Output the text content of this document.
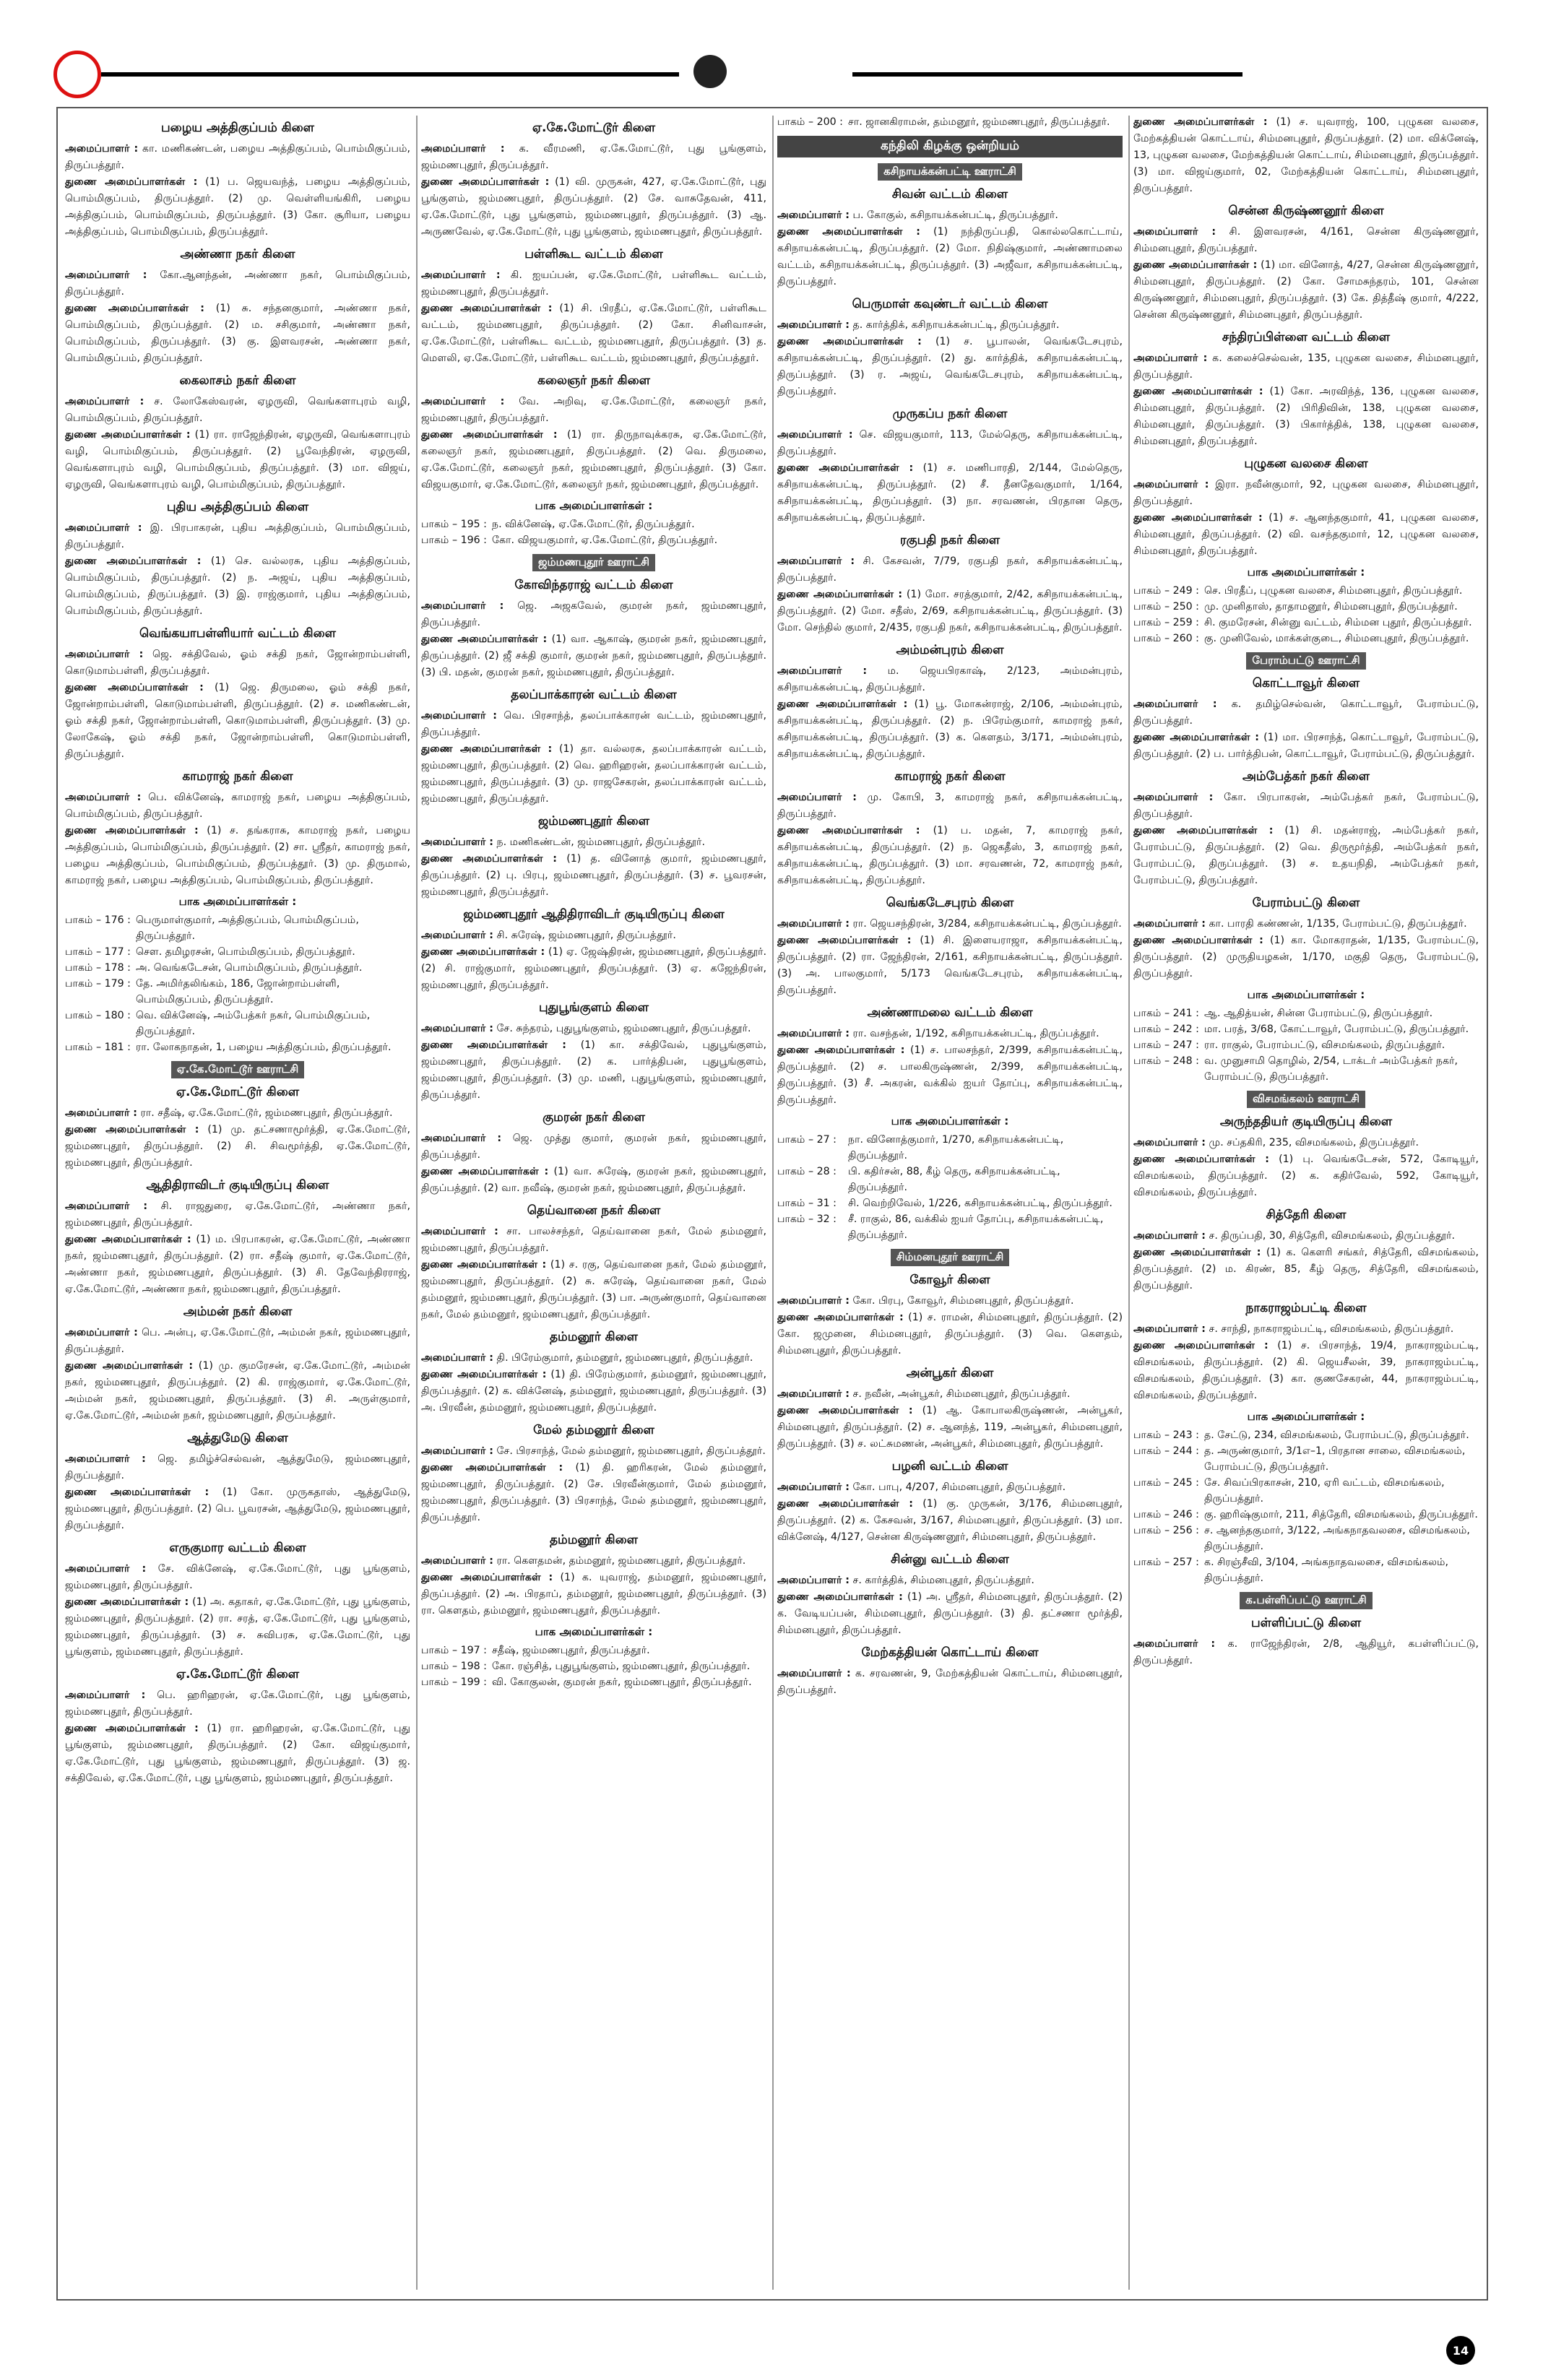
பழைய அத்திகுப்பம் கிளை

அமைப்பாளர் : கா. மணிகண்டன், பழைய அத்திகுப்பம், பொம்மிகுப்பம், திருப்பத்தூர்.

துணை அமைப்பாளர்கள் : (1) ப. ஜெயவந்த், பழைய அத்திகுப்பம், பொம்மிகுப்பம், திருப்பத்தூர். (2) மு. வெள்ளியங்கிரி, பழைய அத்திகுப்பம், பொம்மிகுப்பம், திருப்பத்தூர். (3) கோ. சூரியா, பழைய அத்திகுப்பம், பொம்மிகுப்பம், திருப்பத்தூர்.

அண்ணா நகர் கிளை

அமைப்பாளர் : கோ.ஆனந்தன், அண்ணா நகர், பொம்மிகுப்பம், திருப்பத்தூர்.

துணை அமைப்பாளர்கள் : (1) சு. சந்தனகுமார், அண்ணா நகர், பொம்மிகுப்பம், திருப்பத்தூர். (2) ம. சசிகுமார், அண்ணா நகர், பொம்மிகுப்பம், திருப்பத்தூர். (3) கு. இளவரசன், அண்ணா நகர், பொம்மிகுப்பம், திருப்பத்தூர்.

கைலாசம் நகர் கிளை

அமைப்பாளர் : ச. லோகேஸ்வரன், ஏழருவி, வெங்களாபுரம் வழி, பொம்மிகுப்பம், திருப்பத்தூர்.

துணை அமைப்பாளர்கள் : (1) ரா. ராஜேந்திரன், ஏழருவி, வெங்களாபுரம் வழி, பொம்மிகுப்பம், திருப்பத்தூர். (2) பூவேந்திரன், ஏழருவி, வெங்களாபுரம் வழி, பொம்மிகுப்பம், திருப்பத்தூர். (3) மா. விஜய், ஏழருவி, வெங்களாபுரம் வழி, பொம்மிகுப்பம், திருப்பத்தூர்.

புதிய அத்திகுப்பம் கிளை

அமைப்பாளர் : இ. பிரபாகரன், புதிய அத்திகுப்பம், பொம்மிகுப்பம், திருப்பத்தூர்.

துணை அமைப்பாளர்கள் : (1) செ. வல்லரசு, புதிய அத்திகுப்பம், பொம்மிகுப்பம், திருப்பத்தூர். (2) ந. அஜய், புதிய அத்திகுப்பம், பொம்மிகுப்பம், திருப்பத்தூர். (3) இ. ராஜ்குமார், புதிய அத்திகுப்பம், பொம்மிகுப்பம், திருப்பத்தூர்.

வெங்கயாபள்ளியார் வட்டம் கிளை

அமைப்பாளர் : ஜெ. சக்திவேல், ஓம் சக்தி நகர், ஜோன்றாம்பள்ளி, கொடுமாம்பள்ளி, திருப்பத்தூர்.

துணை அமைப்பாளர்கள் : (1) ஜெ. திருமலை, ஓம் சக்தி நகர், ஜோன்றாம்பள்ளி, கொடுமாம்பள்ளி, திருப்பத்தூர். (2) ச. மணிகண்டன், ஓம் சக்தி நகர், ஜோன்றாம்பள்ளி, கொடுமாம்பள்ளி, திருப்பத்தூர். (3) மு. லோகேஷ், ஓம் சக்தி நகர், ஜோன்றாம்பள்ளி, கொடுமாம்பள்ளி, திருப்பத்தூர்.

காமராஜ் நகர் கிளை

அமைப்பாளர் : பெ. விக்னேஷ், காமராஜ் நகர், பழைய அத்திகுப்பம், பொம்மிகுப்பம், திருப்பத்தூர்.

துணை அமைப்பாளர்கள் : (1) ச. தங்கராசு, காமராஜ் நகர், பழைய அத்திகுப்பம், பொம்மிகுப்பம், திருப்பத்தூர். (2) சா. ஸ்ரீதர், காமராஜ் நகர், பழைய அத்திகுப்பம், பொம்மிகுப்பம், திருப்பத்தூர். (3) மு. திருமால், காமராஜ் நகர், பழைய அத்திகுப்பம், பொம்மிகுப்பம், திருப்பத்தூர்.

பாக அமைப்பாளர்கள் :
பாகம் – 176 : பெருமாள்குமார், அத்திகுப்பம், பொம்மிகுப்பம், திருப்பத்தூர்.
பாகம் – 177 : செள. தமிழரசன், பொம்மிகுப்பம், திருப்பத்தூர்.
பாகம் – 178 : அ. வெங்கடேசன், பொம்மிகுப்பம், திருப்பத்தூர்.
பாகம் – 179 : தே. அமிர்தலிங்கம், 186, ஜோன்றாம்பள்ளி, பொம்மிகுப்பம், திருப்பத்தூர்.
பாகம் – 180 : வெ. விக்னேஷ், அம்பேத்கர் நகர், பொம்மிகுப்பம், திருப்பத்தூர்.
பாகம் – 181 : ரா. லோகநாதன், 1, பழைய அத்திகுப்பம், திருப்பத்தூர்.
ஏ.கே.மோட்டூர் ஊராட்சி
ஏ.கே.மோட்டூர் கிளை

அமைப்பாளர் : ரா. சதீஷ், ஏ.கே.மோட்டூர், ஜம்மணபுதூர், திருப்பத்தூர்.

துணை அமைப்பாளர்கள் : (1) மு. தட்சணாமூர்த்தி, ஏ.கே.மோட்டூர், ஜம்மணபுதூர், திருப்பத்தூர். (2) சி. சிவமூர்த்தி, ஏ.கே.மோட்டூர், ஜம்மணபுதூர், திருப்பத்தூர்.

ஆதிதிராவிடர் குடியிருப்பு கிளை

அமைப்பாளர் : சி. ராஜதுரை, ஏ.கே.மோட்டூர், அண்ணா நகர், ஜம்மணபுதூர், திருப்பத்தூர்.

துணை அமைப்பாளர்கள் : (1) ம. பிரபாகரன், ஏ.கே.மோட்டூர், அண்ணா நகர், ஜம்மணபுதூர், திருப்பத்தூர். (2) ரா. சதீஷ் குமார், ஏ.கே.மோட்டூர், அண்ணா நகர், ஜம்மணபுதூர், திருப்பத்தூர். (3) சி. தேவேந்திரராஜ், ஏ.கே.மோட்டூர், அண்ணா நகர், ஜம்மணபுதூர், திருப்பத்தூர்.

அம்மன் நகர் கிளை

அமைப்பாளர் : பெ. அன்பு, ஏ.கே.மோட்டூர், அம்மன் நகர், ஜம்மணபுதூர், திருப்பத்தூர்.

துணை அமைப்பாளர்கள் : (1) மு. குமரேசன், ஏ.கே.மோட்டூர், அம்மன் நகர், ஜம்மணபுதூர், திருப்பத்தூர். (2) கி. ராஜ்குமார், ஏ.கே.மோட்டூர், அம்மன் நகர், ஜம்மணபுதூர், திருப்பத்தூர். (3) சி. அருள்குமார், ஏ.கே.மோட்டூர், அம்மன் நகர், ஜம்மணபுதூர், திருப்பத்தூர்.

ஆத்துமேடு கிளை

அமைப்பாளர் : ஜெ. தமிழ்ச்செல்வன், ஆத்துமேடு, ஜம்மணபுதூர், திருப்பத்தூர்.

துணை அமைப்பாளர்கள் : (1) கோ. முருகதாஸ், ஆத்துமேடு, ஜம்மணபுதூர், திருப்பத்தூர். (2) பெ. பூவரசன், ஆத்துமேடு, ஜம்மணபுதூர், திருப்பத்தூர்.

எருகுமார வட்டம் கிளை

அமைப்பாளர் : சே. விக்னேஷ், ஏ.கே.மோட்டூர், புது பூங்குளம், ஜம்மணபுதூர், திருப்பத்தூர்.

துணை அமைப்பாளர்கள் : (1) அ. கதாகர், ஏ.கே.மோட்டூர், புது பூங்குளம், ஜம்மணபுதூர், திருப்பத்தூர். (2) ரா. சரத், ஏ.கே.மோட்டூர், புது பூங்குளம், ஜம்மணபுதூர், திருப்பத்தூர். (3) ச. சுவிபரசு, ஏ.கே.மோட்டூர், புது பூங்குளம், ஜம்மணபுதூர், திருப்பத்தூர்.

ஏ.கே.மோட்டூர் கிளை

அமைப்பாளர் : பெ. ஹரிஹரன், ஏ.கே.மோட்டூர், புது பூங்குளம், ஜம்மணபுதூர், திருப்பத்தூர்.

துணை அமைப்பாளர்கள் : (1) ரா. ஹரிஹரன், ஏ.கே.மோட்டூர், புது பூங்குளம், ஜம்மணபுதூர், திருப்பத்தூர். (2) கோ. விஜய்குமார், ஏ.கே.மோட்டூர், புது பூங்குளம், ஜம்மணபுதூர், திருப்பத்தூர். (3) ஜ. சக்திவேல், ஏ.கே.மோட்டூர், புது பூங்குளம், ஜம்மணபுதூர், திருப்பத்தூர்.

ஏ.கே.மோட்டூர் கிளை

அமைப்பாளர் : க. வீரமணி, ஏ.கே.மோட்டூர், புது பூங்குளம், ஜம்மணபுதூர், திருப்பத்தூர்.

துணை அமைப்பாளர்கள் : (1) வி. முருகன், 427, ஏ.கே.மோட்டூர், புது பூங்குளம், ஜம்மணபுதூர், திருப்பத்தூர். (2) சே. வாசுதேவன், 411, ஏ.கே.மோட்டூர், புது பூங்குளம், ஜம்மணபுதூர், திருப்பத்தூர். (3) ஆ. அருணவேல், ஏ.கே.மோட்டூர், புது பூங்குளம், ஜம்மணபுதூர், திருப்பத்தூர்.

பள்ளிகூட வட்டம் கிளை

அமைப்பாளர் : கி. ஐயப்பன், ஏ.கே.மோட்டூர், பள்ளிகூட வட்டம், ஜம்மணபுதூர், திருப்பத்தூர்.

துணை அமைப்பாளர்கள் : (1) சி. பிரதீப், ஏ.கே.மோட்டூர், பள்ளிகூட வட்டம், ஜம்மணபுதூர், திருப்பத்தூர். (2) கோ. சினிவாசன், ஏ.கே.மோட்டூர், பள்ளிகூட வட்டம், ஜம்மணபுதூர், திருப்பத்தூர். (3) த. மௌலி, ஏ.கே.மோட்டூர், பள்ளிகூட வட்டம், ஜம்மணபுதூர், திருப்பத்தூர்.

கலைஞர் நகர் கிளை

அமைப்பாளர் : வே. அறிவு, ஏ.கே.மோட்டூர், கலைஞர் நகர், ஜம்மணபுதூர், திருப்பத்தூர்.

துணை அமைப்பாளர்கள் : (1) ரா. திருநாவுக்கரசு, ஏ.கே.மோட்டூர், கலைஞர் நகர், ஜம்மணபுதூர், திருப்பத்தூர். (2) வெ. திருமலை, ஏ.கே.மோட்டூர், கலைஞர் நகர், ஜம்மணபுதூர், திருப்பத்தூர். (3) கோ. விஜயகுமார், ஏ.கே.மோட்டூர், கலைஞர் நகர், ஜம்மணபுதூர், திருப்பத்தூர்.

பாக அமைப்பாளர்கள் :
பாகம் – 195 : ந. விக்னேஷ், ஏ.கே.மோட்டூர், திருப்பத்தூர்.
பாகம் – 196 : கோ. விஜயகுமார், ஏ.கே.மோட்டூர், திருப்பத்தூர்.
ஜம்மணபுதூர் ஊராட்சி
கோவிந்தராஜ் வட்டம் கிளை

அமைப்பாளர் : ஜெ. அஜகவேல், குமரன் நகர், ஜம்மணபுதூர், திருப்பத்தூர்.

துணை அமைப்பாளர்கள் : (1) வா. ஆகாஷ், குமரன் நகர், ஜம்மணபுதூர், திருப்பத்தூர். (2) ஜீ சக்தி குமார், குமரன் நகர், ஜம்மணபுதூர், திருப்பத்தூர். (3) பி. மதன், குமரன் நகர், ஜம்மணபுதூர், திருப்பத்தூர்.

தலப்பாக்காரன் வட்டம் கிளை

அமைப்பாளர் : வெ. பிரசாந்த், தலப்பாக்காரன் வட்டம், ஜம்மணபுதூர், திருப்பத்தூர்.

துணை அமைப்பாளர்கள் : (1) தா. வல்லரசு, தலப்பாக்காரன் வட்டம், ஜம்மணபுதூர், திருப்பத்தூர். (2) வெ. ஹரிஹரன், தலப்பாக்காரன் வட்டம், ஜம்மணபுதூர், திருப்பத்தூர். (3) மு. ராஜசேகரன், தலப்பாக்காரன் வட்டம், ஜம்மணபுதூர், திருப்பத்தூர்.

ஜம்மணபுதூர் கிளை

அமைப்பாளர் : ந. மணிகண்டன், ஜம்மணபுதூர், திருப்பத்தூர்.

துணை அமைப்பாளர்கள் : (1) த. வினோத் குமார், ஜம்மணபுதூர், திருப்பத்தூர். (2) பு. பிரபு, ஜம்மணபுதூர், திருப்பத்தூர். (3) ச. பூவரசன், ஜம்மணபுதூர், திருப்பத்தூர்.

ஜம்மணபுதூர் ஆதிதிராவிடர் குடியிருப்பு கிளை

அமைப்பாளர் : சி. சுரேஷ், ஜம்மணபுதூர், திருப்பத்தூர்.

துணை அமைப்பாளர்கள் : (1) ஏ. ஜேஷ்திரன், ஜம்மணபுதூர், திருப்பத்தூர். (2) சி. ராஜ்குமார், ஜம்மணபுதூர், திருப்பத்தூர். (3) ஏ. கஜேந்திரன், ஜம்மணபுதூர், திருப்பத்தூர்.

புதுபூங்குளம் கிளை

அமைப்பாளர் : சே. சுந்தரம், புதுபூங்குளம், ஜம்மணபுதூர், திருப்பத்தூர்.

துணை அமைப்பாளர்கள் : (1) கா. சக்திவேல், புதுபூங்குளம், ஜம்மணபுதூர், திருப்பத்தூர். (2) க. பார்த்திபன், புதுபூங்குளம், ஜம்மணபுதூர், திருப்பத்தூர். (3) மு. மணி, புதுபூங்குளம், ஜம்மணபுதூர், திருப்பத்தூர்.

குமரன் நகர் கிளை

அமைப்பாளர் : ஜெ. முத்து குமார், குமரன் நகர், ஜம்மணபுதூர், திருப்பத்தூர்.

துணை அமைப்பாளர்கள் : (1) வா. சுரேஷ், குமரன் நகர், ஜம்மணபுதூர், திருப்பத்தூர். (2) வா. நவீஷ், குமரன் நகர், ஜம்மணபுதூர், திருப்பத்தூர்.

தெய்வானை நகர் கிளை

அமைப்பாளர் : சா. பாலச்சந்தர், தெய்வானை நகர், மேல் தம்மனூர், ஜம்மணபுதூர், திருப்பத்தூர்.

துணை அமைப்பாளர்கள் : (1) ச. ரகு, தெய்வானை நகர், மேல் தம்மனூர், ஜம்மணபுதூர், திருப்பத்தூர். (2) சு. சுரேஷ், தெய்வானை நகர், மேல் தம்மனூர், ஜம்மணபுதூர், திருப்பத்தூர். (3) பா. அருண்குமார், தெய்வானை நகர், மேல் தம்மனூர், ஜம்மணபுதூர், திருப்பத்தூர்.

தம்மனூர் கிளை

அமைப்பாளர் : தி. பிரேம்குமார், தம்மனூர், ஜம்மணபுதூர், திருப்பத்தூர்.

துணை அமைப்பாளர்கள் : (1) தி. பிரேம்குமார், தம்மனூர், ஜம்மணபுதூர், திருப்பத்தூர். (2) க. விக்னேஷ், தம்மனூர், ஜம்மணபுதூர், திருப்பத்தூர். (3) அ. பிரவீன், தம்மனூர், ஜம்மணபுதூர், திருப்பத்தூர்.

மேல் தம்மனூர் கிளை

அமைப்பாளர் : சே. பிரசாந்த், மேல் தம்மனூர், ஜம்மணபுதூர், திருப்பத்தூர்.

துணை அமைப்பாளர்கள் : (1) தி. ஹரிகரன், மேல் தம்மனூர், ஜம்மணபுதூர், திருப்பத்தூர். (2) சே. பிரவீன்குமார், மேல் தம்மனூர், ஜம்மணபுதூர், திருப்பத்தூர். (3) பிரசாந்த், மேல் தம்மனூர், ஜம்மணபுதூர், திருப்பத்தூர்.

தம்மனூர் கிளை

அமைப்பாளர் : ரா. கௌதமன், தம்மனூர், ஜம்மணபுதூர், திருப்பத்தூர்.

துணை அமைப்பாளர்கள் : (1) க. யுவராஜ், தம்மனூர், ஜம்மணபுதூர், திருப்பத்தூர். (2) அ. பிரதாப், தம்மனூர், ஜம்மணபுதூர், திருப்பத்தூர். (3) ரா. கௌதம், தம்மனூர், ஜம்மணபுதூர், திருப்பத்தூர்.

பாக அமைப்பாளர்கள் :
பாகம் – 197 : சதீஷ், ஜம்மணபுதூர், திருப்பத்தூர்.
பாகம் – 198 : கோ. ரஞ்சித், புதுபூங்குளம், ஜம்மணபுதூர், திருப்பத்தூர்.
பாகம் – 199 : வி. கோகுலன், குமரன் நகர், ஜம்மணபுதூர், திருப்பத்தூர்.
பாகம் – 200 : சா. ஜானகிராமன், தம்மனூர், ஜம்மணபுதூர், திருப்பத்தூர்.
கந்திலி கிழக்கு ஒன்றியம்
கசிநாயக்கன்பட்டி ஊராட்சி
சிவன் வட்டம் கிளை

அமைப்பாளர் : ப. கோகுல், கசிநாயக்கன்பட்டி, திருப்பத்தூர்.

துணை அமைப்பாளர்கள் : (1) நந்திருப்பதி, கொல்லகொட்டாய், கசிநாயக்கன்பட்டி, திருப்பத்தூர். (2) மோ. நிதிஷ்குமார், அண்ணாமலை வட்டம், கசிநாயக்கன்பட்டி, திருப்பத்தூர். (3) அஜீவா, கசிநாயக்கன்பட்டி, திருப்பத்தூர்.

பெருமாள் கவுண்டர் வட்டம் கிளை

அமைப்பாளர் : த. கார்த்திக், கசிநாயக்கன்பட்டி, திருப்பத்தூர்.

துணை அமைப்பாளர்கள் : (1) ச. பூபாலன், வெங்கடேசபுரம், கசிநாயக்கன்பட்டி, திருப்பத்தூர். (2) து. கார்த்திக், கசிநாயக்கன்பட்டி, திருப்பத்தூர். (3) ர. அஜய், வெங்கடேசபுரம், கசிநாயக்கன்பட்டி, திருப்பத்தூர்.

முருகப்ப நகர் கிளை

அமைப்பாளர் : செ. விஜயகுமார், 113, மேல்தெரு, கசிநாயக்கன்பட்டி, திருப்பத்தூர்.

துணை அமைப்பாளர்கள் : (1) ச. மணிபாரதி, 2/144, மேல்தெரு, கசிநாயக்கன்பட்டி, திருப்பத்தூர். (2) சீ. தீனதேவகுமார், 1/164, கசிநாயக்கன்பட்டி, திருப்பத்தூர். (3) நா. சரவணன், பிரதான தெரு, கசிநாயக்கன்பட்டி, திருப்பத்தூர்.

ரகுபதி நகர் கிளை

அமைப்பாளர் : சி. கேசவன், 7/79, ரகுபதி நகர், கசிநாயக்கன்பட்டி, திருப்பத்தூர்.

துணை அமைப்பாளர்கள் : (1) மோ. சரத்குமார், 2/42, கசிநாயக்கன்பட்டி, திருப்பத்தூர். (2) மோ. சதீஸ், 2/69, கசிநாயக்கன்பட்டி, திருப்பத்தூர். (3) மோ. செந்தில் குமார், 2/435, ரகுபதி நகர், கசிநாயக்கன்பட்டி, திருப்பத்தூர்.

அம்மன்புரம் கிளை

அமைப்பாளர் : ம. ஜெயபிரகாஷ், 2/123, அம்மன்புரம், கசிநாயக்கன்பட்டி, திருப்பத்தூர்.

துணை அமைப்பாளர்கள் : (1) பூ. மோகன்ராஜ், 2/106, அம்மன்புரம், கசிநாயக்கன்பட்டி, திருப்பத்தூர். (2) ந. பிரேம்குமார், காமராஜ் நகர், கசிநாயக்கன்பட்டி, திருப்பத்தூர். (3) க. கௌதம், 3/171, அம்மன்புரம், கசிநாயக்கன்பட்டி, திருப்பத்தூர்.

காமராஜ் நகர் கிளை

அமைப்பாளர் : மு. கோபி, 3, காமராஜ் நகர், கசிநாயக்கன்பட்டி, திருப்பத்தூர்.

துணை அமைப்பாளர்கள் : (1) ப. மதன், 7, காமராஜ் நகர், கசிநாயக்கன்பட்டி, திருப்பத்தூர். (2) ந. ஜெகதீஸ், 3, காமராஜ் நகர், கசிநாயக்கன்பட்டி, திருப்பத்தூர். (3) மா. சரவணன், 72, காமராஜ் நகர், கசிநாயக்கன்பட்டி, திருப்பத்தூர்.

வெங்கடேசபுரம் கிளை

அமைப்பாளர் : ரா. ஜெயசந்திரன், 3/284, கசிநாயக்கன்பட்டி, திருப்பத்தூர்.

துணை அமைப்பாளர்கள் : (1) சி. இளையராஜா, கசிநாயக்கன்பட்டி, திருப்பத்தூர். (2) ரா. ஜேந்திரன், 2/161, கசிநாயக்கன்பட்டி, திருப்பத்தூர். (3) அ. பாலகுமார், 5/173 வெங்கடேசபுரம், கசிநாயக்கன்பட்டி, திருப்பத்தூர்.

அண்ணாமலை வட்டம் கிளை

அமைப்பாளர் : ரா. வசந்தன், 1/192, கசிநாயக்கன்பட்டி, திருப்பத்தூர்.

துணை அமைப்பாளர்கள் : (1) ச. பாலசந்தர், 2/399, கசிநாயக்கன்பட்டி, திருப்பத்தூர். (2) ச. பாலகிருஷ்ணன், 2/399, கசிநாயக்கன்பட்டி, திருப்பத்தூர். (3) சீ. அகரன், வக்கில் ஐயர் தோப்பு, கசிநாயக்கன்பட்டி, திருப்பத்தூர்.

பாக அமைப்பாளர்கள் :
பாகம் – 27 :	நா. வினோத்குமார், 1/270, கசிநாயக்கன்பட்டி, திருப்பத்தூர்.
பாகம் – 28 :	பி. கதிர்சன், 88, கீழ் தெரு, கசிநாயக்கன்பட்டி, திருப்பத்தூர்.
பாகம் – 31 :	சி. வெற்றிவேல், 1/226, கசிநாயக்கன்பட்டி, திருப்பத்தூர்.
பாகம் – 32 :	சீ. ராகுல், 86, வக்கில் ஐயர் தோப்பு, கசிநாயக்கன்பட்டி, திருப்பத்தூர்.
சிம்மனபுதூர் ஊராட்சி
கோவூர் கிளை

அமைப்பாளர் : கோ. பிரபு, கோவூர், சிம்மனபுதூர், திருப்பத்தூர்.

துணை அமைப்பாளர்கள் : (1) ச. ராமன், சிம்மனபுதூர், திருப்பத்தூர். (2) கோ. ஜமுனை, சிம்மனபுதூர், திருப்பத்தூர். (3) வெ. கௌதம், சிம்மனபுதூர், திருப்பத்தூர்.

அன்பூகர் கிளை

அமைப்பாளர் : ச. நவீன், அன்பூகர், சிம்மனபுதூர், திருப்பத்தூர்.

துணை அமைப்பாளர்கள் : (1) ஆ. கோபாலகிருஷ்ணன், அன்பூகர், சிம்மனபுதூர், திருப்பத்தூர். (2) ச. ஆனந்த், 119, அன்பூகர், சிம்மனபுதூர், திருப்பத்தூர். (3) ச. லட்சுமணன், அன்பூகர், சிம்மனபுதூர், திருப்பத்தூர்.

பழனி வட்டம் கிளை

அமைப்பாளர் : கோ. பாபு, 4/207, சிம்மனபுதூர், திருப்பத்தூர்.

துணை அமைப்பாளர்கள் : (1) கு. முருகன், 3/176, சிம்மனபுதூர், திருப்பத்தூர். (2) க. கேசவன், 3/167, சிம்மனபுதூர், திருப்பத்தூர். (3) மா. விக்னேஷ், 4/127, சென்ன கிருஷ்ணனூர், சிம்மனபுதூர், திருப்பத்தூர்.

சின்னு வட்டம் கிளை

அமைப்பாளர் : ச. கார்த்திக், சிம்மனபுதூர், திருப்பத்தூர்.

துணை அமைப்பாளர்கள் : (1) அ. ஸ்ரீதர், சிம்மனபுதூர், திருப்பத்தூர். (2) க. வேடியப்பன், சிம்மனபுதூர், திருப்பத்தூர். (3) தி. தட்சணா மூர்த்தி, சிம்மனபுதூர், திருப்பத்தூர்.

மேற்கத்தியன் கொட்டாய் கிளை

அமைப்பாளர் : க. சரவணன், 9, மேற்கத்தியன் கொட்டாய், சிம்மனபுதூர், திருப்பத்தூர்.

துணை அமைப்பாளர்கள் : (1) ச. யுவராஜ், 100, புழுகன வலசை, மேற்கத்தியன் கொட்டாய், சிம்மனபுதூர், திருப்பத்தூர். (2) மா. விக்னேஷ், 13, புழுகன வலசை, மேற்கத்தியன் கொட்டாய், சிம்மனபுதூர், திருப்பத்தூர். (3) மா. விஜய்குமார், 02, மேற்கத்தியன் கொட்டாய், சிம்மனபுதூர், திருப்பத்தூர்.

சென்ன கிருஷ்ணனூர் கிளை

அமைப்பாளர் : சி. இளவரசன், 4/161, சென்ன கிருஷ்ணனூர், சிம்மனபுதூர், திருப்பத்தூர்.

துணை அமைப்பாளர்கள் : (1) மா. வினோத், 4/27, சென்ன கிருஷ்ணனூர், சிம்மனபுதூர், திருப்பத்தூர். (2) கோ. சோமசுந்தரம், 101, சென்ன கிருஷ்ணனூர், சிம்மனபுதூர், திருப்பத்தூர். (3) கே. தித்தீஷ் குமார், 4/222, சென்ன கிருஷ்ணனூர், சிம்மனபுதூர், திருப்பத்தூர்.

சந்திரப்பிள்ளை வட்டம் கிளை

அமைப்பாளர் : க. கலைச்செல்வன், 135, புழுகன வலசை, சிம்மனபுதூர், திருப்பத்தூர்.

துணை அமைப்பாளர்கள் : (1) கோ. அரவிந்த், 136, புழுகன வலசை, சிம்மனபுதூர், திருப்பத்தூர். (2) பிரிதிவின், 138, புழுகன வலசை, சிம்மனபுதூர், திருப்பத்தூர். (3) பிகார்த்திக், 138, புழுகன வலசை, சிம்மனபுதூர், திருப்பத்தூர்.

புழுகன வலசை கிளை

அமைப்பாளர் : இரா. நவீன்குமார், 92, புழுகன வலசை, சிம்மனபுதூர், திருப்பத்தூர்.

துணை அமைப்பாளர்கள் : (1) ச. ஆனந்தகுமார், 41, புழுகன வலசை, சிம்மனபுதூர், திருப்பத்தூர். (2) வி. வசந்தகுமார், 12, புழுகன வலசை, சிம்மனபுதூர், திருப்பத்தூர்.

பாக அமைப்பாளர்கள் :
பாகம் – 249 : செ. பிரதீப், புழுகன வலசை, சிம்மனபுதூர், திருப்பத்தூர்.
பாகம் – 250 : மு. முனிதாஸ், தாதாமனூர், சிம்மனபுதூர், திருப்பத்தூர்.
பாகம் – 259 : சி. குமரேசன், சின்னு வட்டம், சிம்மன புதூர், திருப்பத்தூர்.
பாகம் – 260 : கு. முனிவேல், மாக்கள்குடை, சிம்மனபுதூர், திருப்பத்தூர்.
பேராம்பட்டு ஊராட்சி
கொட்டாவூர் கிளை

அமைப்பாளர் : க. தமிழ்செல்வன், கொட்டாவூர், பேராம்பட்டு, திருப்பத்தூர்.

துணை அமைப்பாளர்கள் : (1) மா. பிரசாந்த், கொட்டாவூர், பேராம்பட்டு, திருப்பத்தூர். (2) ப. பார்த்திபன், கொட்டாவூர், பேராம்பட்டு, திருப்பத்தூர்.

அம்பேத்கர் நகர் கிளை

அமைப்பாளர் : கோ. பிரபாகரன், அம்பேத்கர் நகர், பேராம்பட்டு, திருப்பத்தூர்.

துணை அமைப்பாளர்கள் : (1) சி. மதன்ராஜ், அம்பேத்கர் நகர், பேராம்பட்டு, திருப்பத்தூர். (2) வெ. திருமூர்த்தி, அம்பேத்கர் நகர், பேராம்பட்டு, திருப்பத்தூர். (3) ச. உதயநிதி, அம்பேத்கர் நகர், பேராம்பட்டு, திருப்பத்தூர்.

பேராம்பட்டு கிளை

அமைப்பாளர் : கா. பாரதி கண்ணன், 1/135, பேராம்பட்டு, திருப்பத்தூர்.

துணை அமைப்பாளர்கள் : (1) கா. மோகராதன், 1/135, பேராம்பட்டு, திருப்பத்தூர். (2) முருதியழகன், 1/170, மகுதி தெரு, பேராம்பட்டு, திருப்பத்தூர்.

பாக அமைப்பாளர்கள் :
பாகம் – 241 : ஆ. ஆதித்யன், சின்ன பேராம்பட்டு, திருப்பத்தூர்.
பாகம் – 242 : மா. பரத், 3/68, கோட்டாவூர், பேராம்பட்டு, திருப்பத்தூர்.
பாகம் – 247 : ரா. ராகுல், பேராம்பட்டு, விசமங்கலம், திருப்பத்தூர்.
பாகம் – 248 : வ. முனுசாமி தொழில், 2/54, டாக்டர் அம்பேத்கர் நகர், பேராம்பட்டு, திருப்பத்தூர்.
விசமங்கலம் ஊராட்சி
அருந்ததியர் குடியிருப்பு கிளை

அமைப்பாளர் : மு. சப்தகிரி, 235, விசமங்கலம், திருப்பத்தூர்.

துணை அமைப்பாளர்கள் : (1) பு. வெங்கடேசன், 572, கோடியூர், விசமங்கலம், திருப்பத்தூர். (2) க. கதிர்வேல், 592, கோடியூர், விசமங்கலம், திருப்பத்தூர்.

சித்தேரி கிளை

அமைப்பாளர் : ச. திருப்பதி, 30, சித்தேரி, விசமங்கலம், திருப்பத்தூர்.

துணை அமைப்பாளர்கள் : (1) க. கௌரி சங்கர், சித்தேரி, விசமங்கலம், திருப்பத்தூர். (2) ம. கிரண், 85, கீழ் தெரு, சித்தேரி, விசமங்கலம், திருப்பத்தூர்.

நாகராஜம்பட்டி கிளை

அமைப்பாளர் : ச. சாந்தி, நாகராஜம்பட்டி, விசமங்கலம், திருப்பத்தூர்.

துணை அமைப்பாளர்கள் : (1) ச. பிரசாந்த், 19/4, நாகராஜம்பட்டி, விசமங்கலம், திருப்பத்தூர். (2) கி. ஜெயசீலன், 39, நாகராஜம்பட்டி, விசமங்கலம், திருப்பத்தூர். (3) கா. குணசேகரன், 44, நாகராஜம்பட்டி, விசமங்கலம், திருப்பத்தூர்.

பாக அமைப்பாளர்கள் :
பாகம் – 243 : த. சேட்டு, 234, விசமங்கலம், பேராம்பட்டு, திருப்பத்தூர்.
பாகம் – 244 : த. அருண்குமார், 3/1எ–1, பிரதான சாலை, விசமங்கலம், பேராம்பட்டு, திருப்பத்தூர்.
பாகம் – 245 : சே. சிவப்பிரகாசன், 210, ஏரி வட்டம், விசமங்கலம், திருப்பத்தூர்.
பாகம் – 246 : கு. ஹரிஷ்குமார், 211, சித்தேரி, விசமங்கலம், திருப்பத்தூர்.
பாகம் – 256 : ச. ஆனந்தகுமார், 3/122, அங்கநாதவலசை, விசமங்கலம், திருப்பத்தூர்.
பாகம் – 257 : க. சிரஞ்சீவி, 3/104, அங்கநாதவலசை, விசமங்கலம், திருப்பத்தூர்.
க.பள்ளிப்பட்டு ஊராட்சி
பள்ளிப்பட்டு கிளை

அமைப்பாளர் : க. ராஜேந்திரன், 2/8, ஆதியூர், கபள்ளிப்பட்டு, திருப்பத்தூர்.

14
